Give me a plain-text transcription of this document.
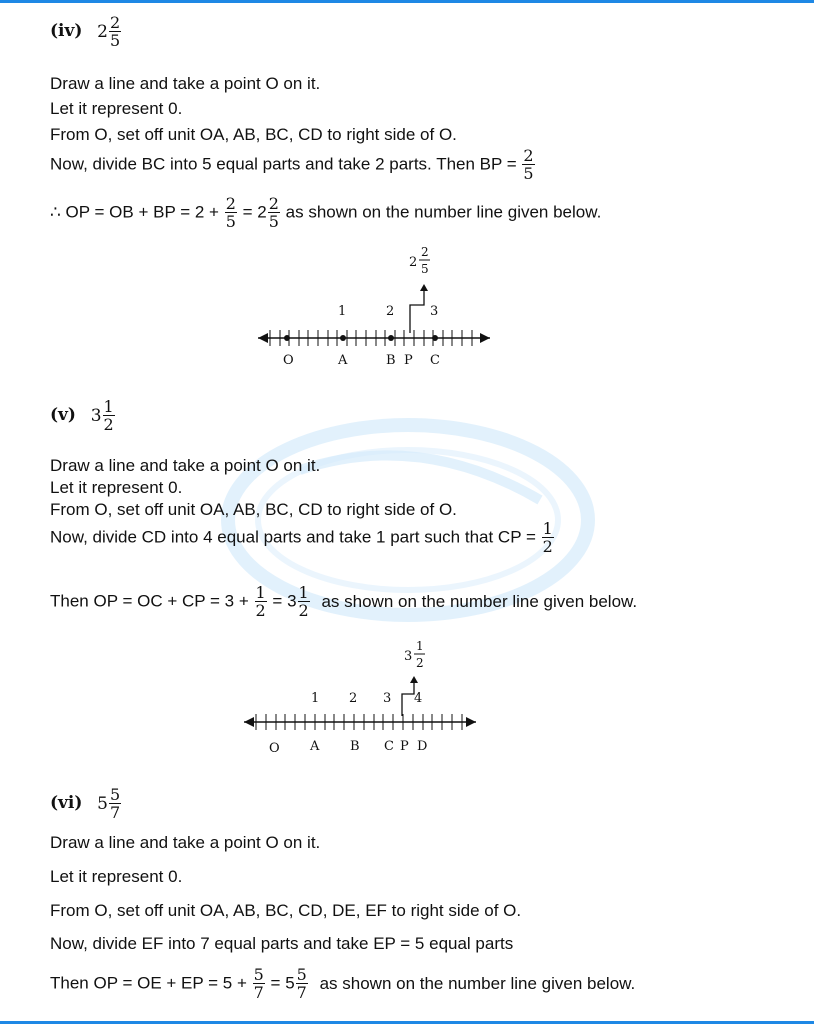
(iv) $2 \frac{2}{5}$
Draw a line and take a point O on it.
Let it represent 0.
From O, set off unit OA, AB, BC, CD to right side of O.
Now, divide BC into 5 equal parts and take 2 parts. Then BP = $\frac{2}{5}$
∴ OP = OB + BP = $2 + \frac{2}{5} = 2 \frac{2}{5}$ as shown on the number line given below.
1	2	3
O	A	B P C
2
2
5
(v) $3 \frac{1}{2}$
Draw a line and take a point O on it.
Let it represent 0.
From O, set off unit OA, AB, BC, CD to right side of O.
Now, divide CD into 4 equal parts and take 1 part such that CP = $\frac{1}{2}$
Then OP = OC + CP = $3 + \frac{1}{2} = 3 \frac{1}{2}$ as shown on the number line given below.
1 2 3 4
O A B C P D
3
1
2
(vi) $5 \frac{5}{7}$
Draw a line and take a point O on it.
Let it represent 0.
From O, set off unit OA, AB, BC, CD, DE, EF to right side of O.
Now, divide EF into 7 equal parts and take EP = 5 equal parts
Then OP = OE + EP = $5 + \frac{5}{7} = 5 \frac{5}{7}$ as shown on the number line given below.
